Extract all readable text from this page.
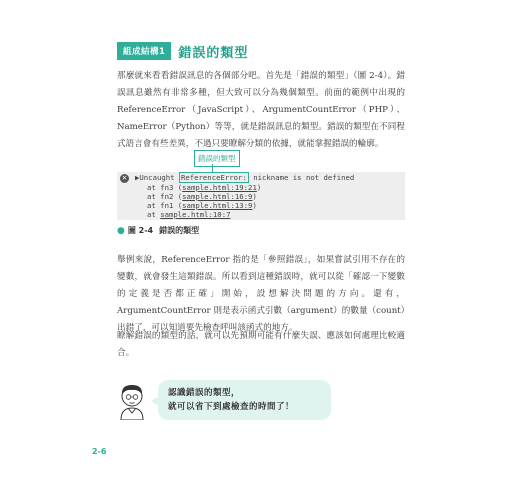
組成結構1	錯誤的類型

那麼就來看看錯誤訊息的各個部分吧。首先是「錯誤的類型」（圖 2-4）。錯誤訊息雖然有非常多種，但大致可以分為幾個類型。前面的範例中出現的 ReferenceError（JavaScript）、ArgumentCountError（PHP）、NameError（Python）等等，就是錯誤訊息的類型。錯誤的類型在不同程式語言會有些差異，不過只要瞭解分類的依據，就能掌握錯誤的輪廓。

錯誤的類型
✕ ▶Uncaught ReferenceError: nickname is not defined
at fn3 (sample.html:19:21)
at fn2 (sample.html:16:9)
at fn1 (sample.html:13:9)
at sample.html:10:7
● 圖 2-4 錯誤的類型

舉例來說，ReferenceError 指的是「參照錯誤」，如果嘗試引用不存在的變數，就會發生這類錯誤。所以看到這種錯誤時，就可以從「確認一下變數的定義是否都正確」開始，設想解決問題的方向。還有，ArgumentCountError 則是表示函式引數（argument）的數量（count）出錯了，可以知道要先檢查呼叫該函式的地方。

瞭解錯誤的類型的話，就可以先預期可能有什麼失誤、應該如何處理比較適合。

認識錯誤的類型，
就可以省下到處檢查的時間了！
2-6
